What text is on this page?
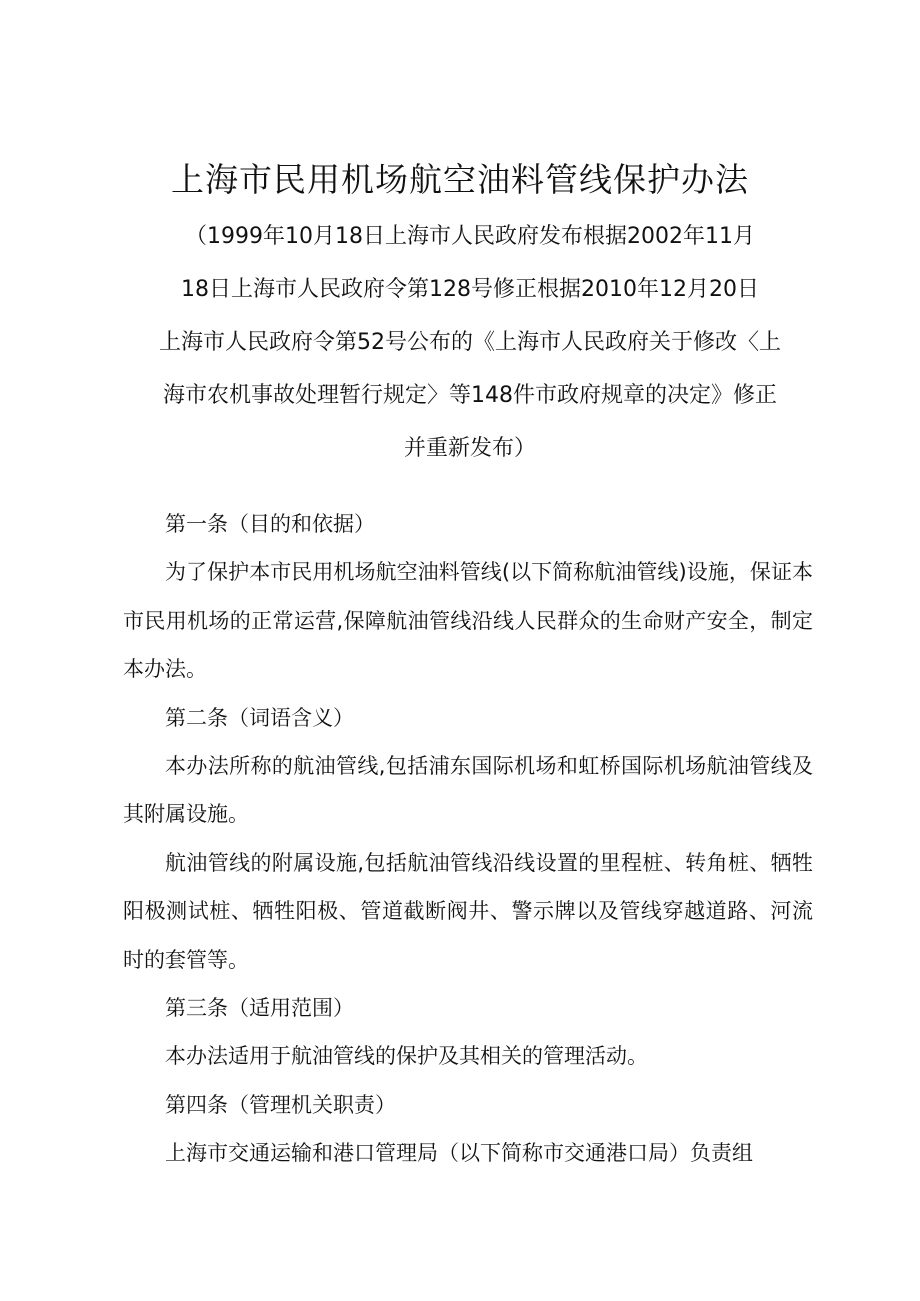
上海市民用机场航空油料管线保护办法
（1999年10月18日上海市人民政府发布根据2002年11月
18日上海市人民政府令第128号修正根据2010年12月20日
上海市人民政府令第52号公布的《上海市人民政府关于修改〈上
海市农机事故处理暂行规定〉等148件市政府规章的决定》修正
并重新发布）

第一条（目的和依据）

为了保护本市民用机场航空油料管线(以下简称航油管线)设施，保证本市民用机场的正常运营,保障航油管线沿线人民群众的生命财产安全，制定本办法。

第二条（词语含义）

本办法所称的航油管线,包括浦东国际机场和虹桥国际机场航油管线及其附属设施。

航油管线的附属设施,包括航油管线沿线设置的里程桩、转角桩、牺牲阳极测试桩、牺牲阳极、管道截断阀井、警示牌以及管线穿越道路、河流时的套管等。

第三条（适用范围）

本办法适用于航油管线的保护及其相关的管理活动。

第四条（管理机关职责）

上海市交通运输和港口管理局（以下简称市交通港口局）负责组
